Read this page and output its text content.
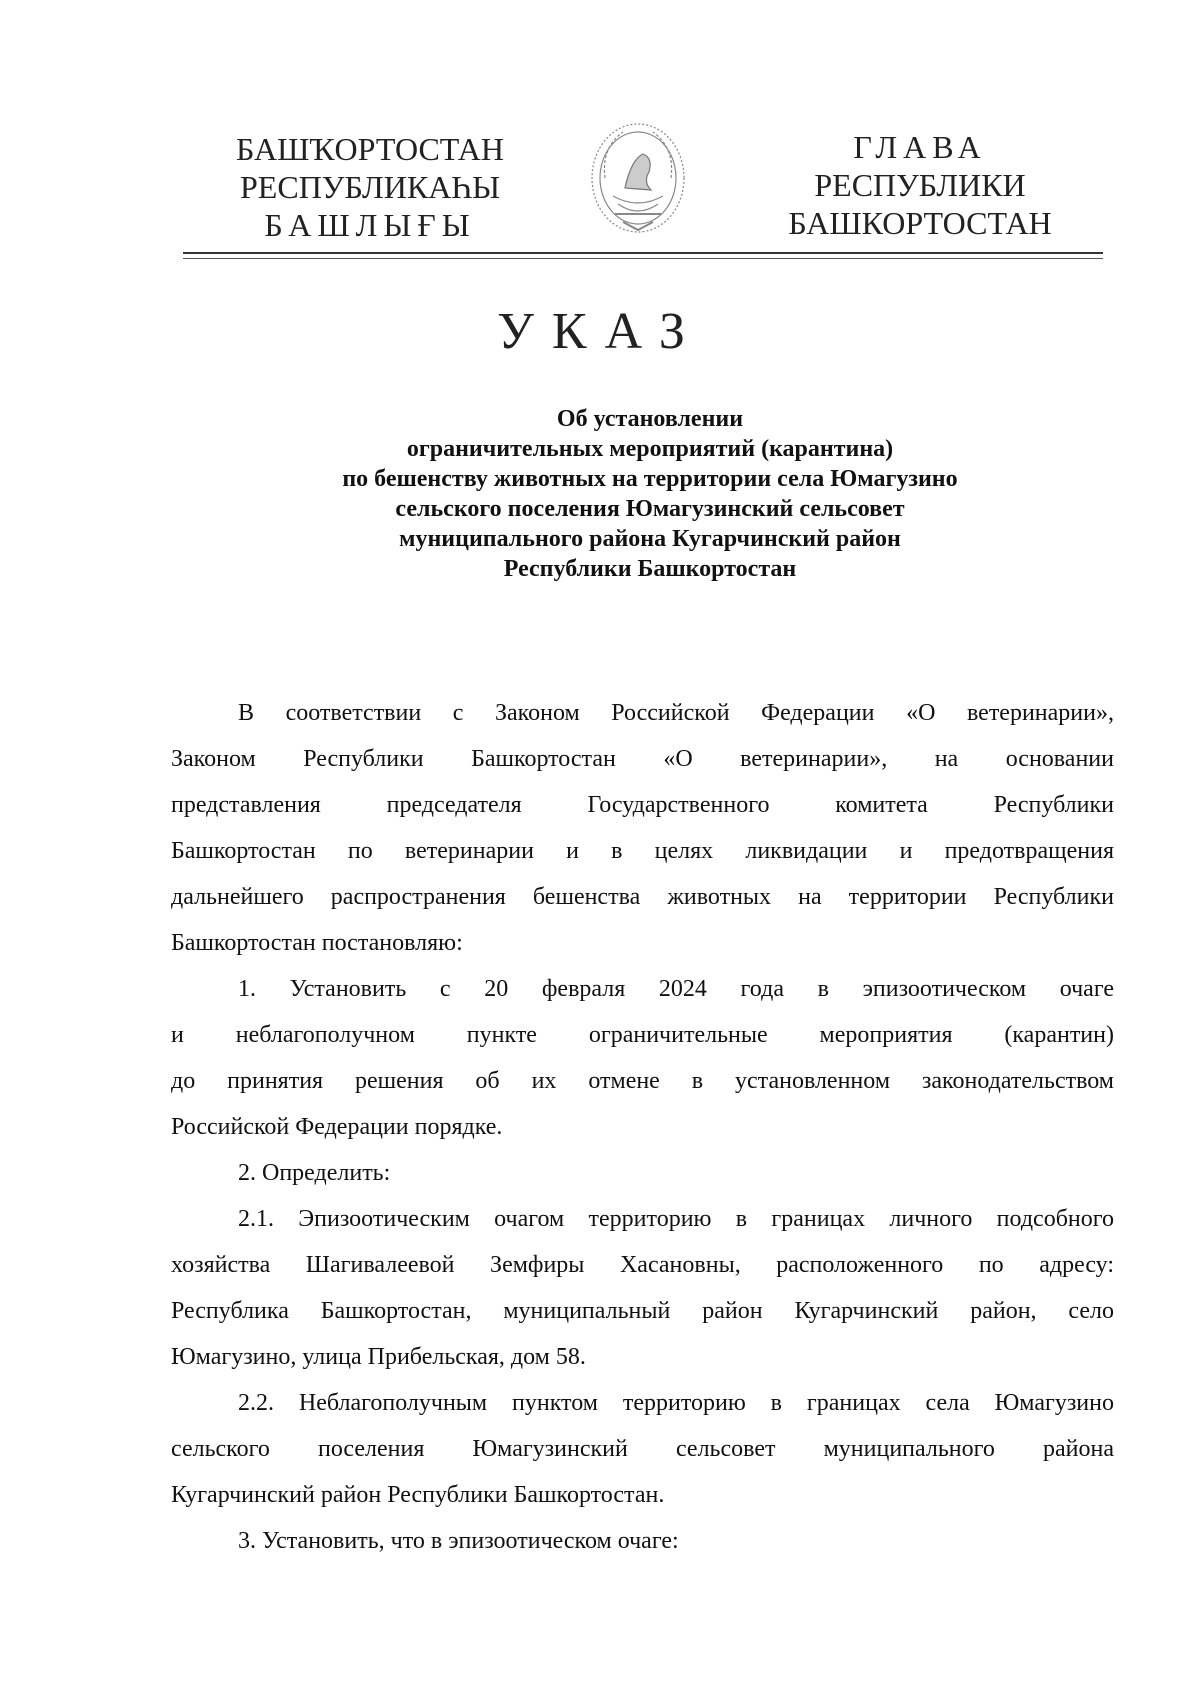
БАШҠОРТОСТАН
РЕСПУБЛИКАҺЫ
БАШЛЫҒЫ
ГЛАВА
РЕСПУБЛИКИ
БАШКОРТОСТАН
УКАЗ
Об установлении
ограничительных мероприятий (карантина)
по бешенству животных на территории села Юмагузино
сельского поселения Юмагузинский сельсовет
муниципального района Кугарчинский район
Республики Башкортостан
В соответствии с Законом Российской Федерации «О ветеринарии»,
Законом Республики Башкортостан «О ветеринарии», на основании
представления председателя Государственного комитета Республики
Башкортостан по ветеринарии и в целях ликвидации и предотвращения
дальнейшего распространения бешенства животных на территории Республики
Башкортостан постановляю:
1. Установить с 20 февраля 2024 года в эпизоотическом очаге
и неблагополучном пункте ограничительные мероприятия (карантин)
до принятия решения об их отмене в установленном законодательством
Российской Федерации порядке.
2. Определить:
2.1. Эпизоотическим очагом территорию в границах личного подсобного
хозяйства Шагивалеевой Земфиры Хасановны, расположенного по адресу:
Республика Башкортостан, муниципальный район Кугарчинский район, село
Юмагузино, улица Прибельская, дом 58.
2.2. Неблагополучным пунктом территорию в границах села Юмагузино
сельского поселения Юмагузинский сельсовет муниципального района
Кугарчинский район Республики Башкортостан.
3. Установить, что в эпизоотическом очаге:
